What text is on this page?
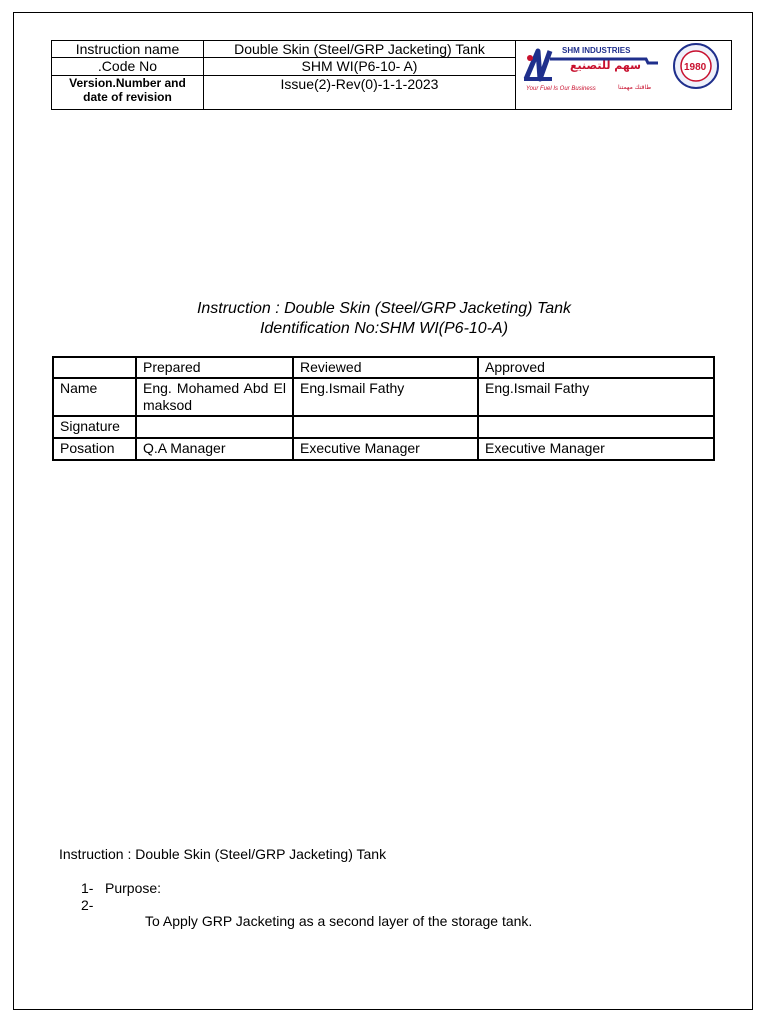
Instruction name	Double Skin (Steel/GRP Jacketing) Tank	SHM INDUSTRIES
سهم للتصنيع
Your Fuel Is Our Business طاقتك مهمتنا
1980

.Code No	SHM WI(P6-10- A)	
Version.Number and date of revision	Issue(2)-Rev(0)-1-1-2023	
Instruction : Double Skin (Steel/GRP Jacketing) Tank
Identification No:SHM WI(P6-10-A)
	Prepared	Reviewed	Approved
Name	Eng. Mohamed Abd El maksod	Eng.Ismail Fathy	Eng.Ismail Fathy
Signature			
Posation	Q.A Manager	Executive Manager	Executive Manager
Instruction : Double Skin (Steel/GRP Jacketing) Tank
1- Purpose:
2-
To Apply GRP Jacketing as a second layer of the storage tank.
